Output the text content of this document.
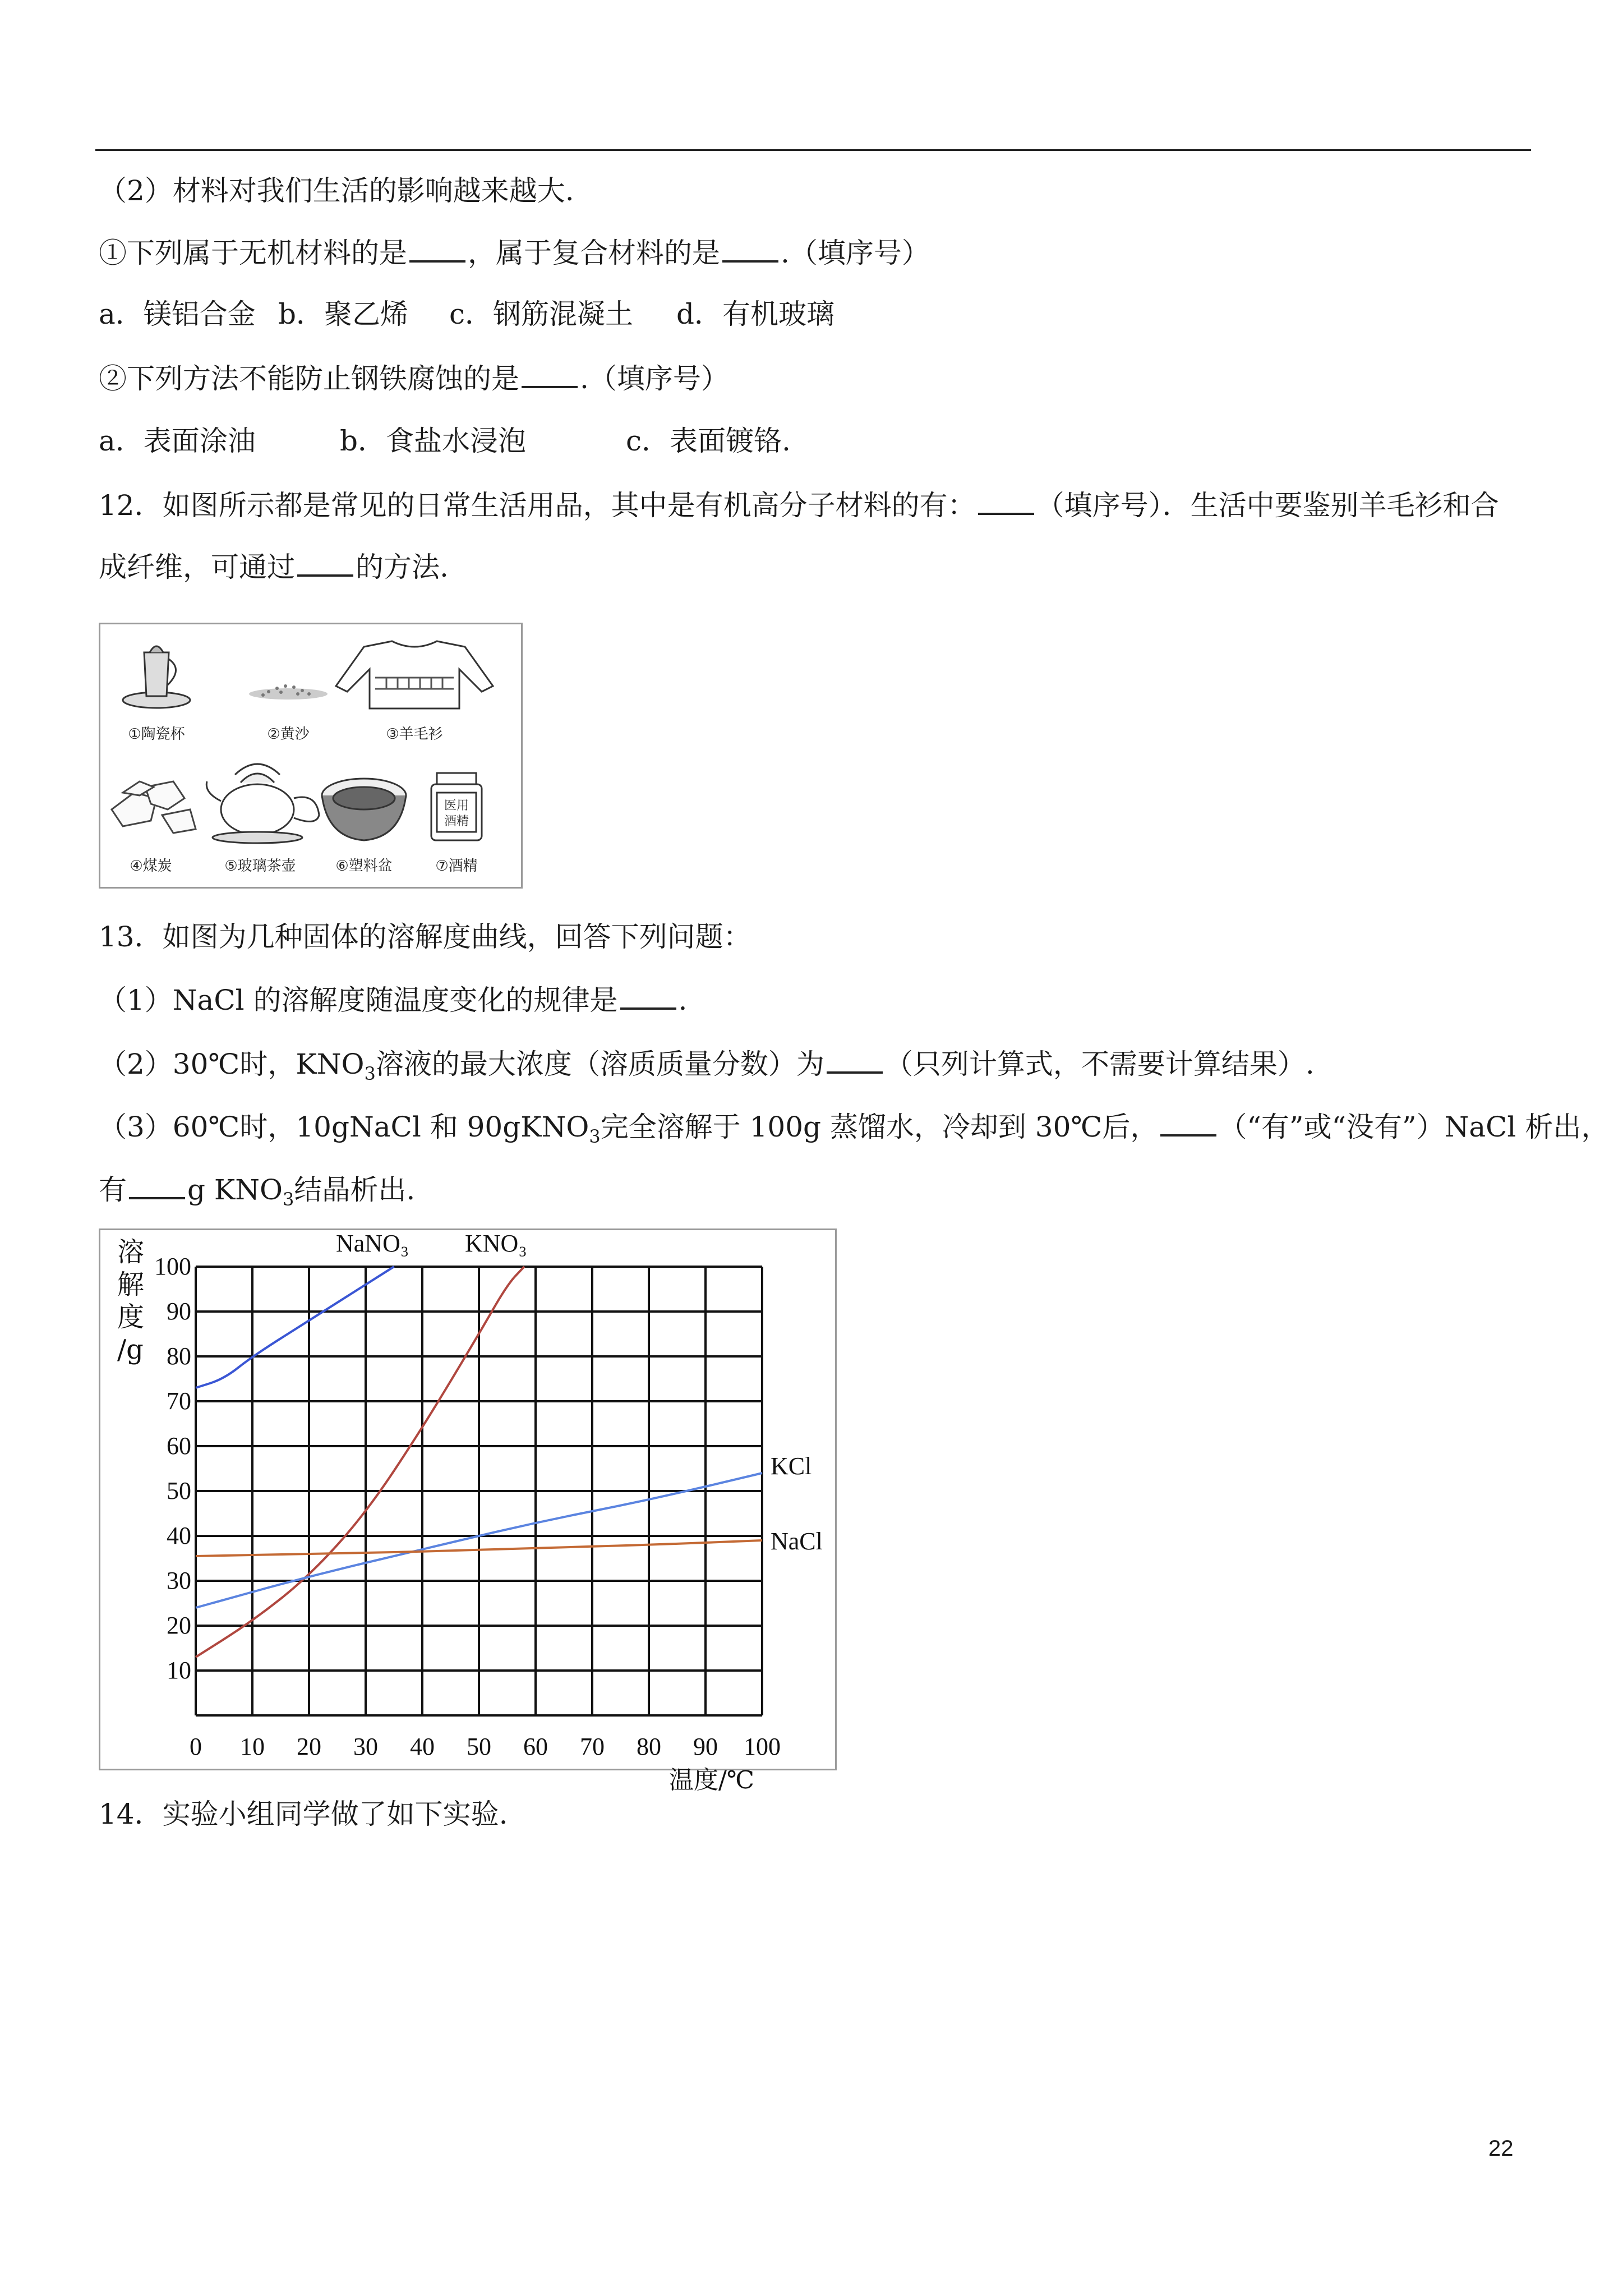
（2）材料对我们生活的影响越来越大.
①下列属于无机材料的是 ，属于复合材料的是 .（填序号）
a．镁铝合金 b．聚乙烯 c．钢筋混凝土 d．有机玻璃
②下列方法不能防止钢铁腐蚀的是 .（填序号）
a．表面涂油	b．食盐水浸泡	c．表面镀铬.
12．如图所示都是常见的日常生活用品，其中是有机高分子材料的有： （填序号）．生活中要鉴别羊毛衫和合
成纤维，可通过 的方法.
医用
酒精
①陶瓷杯	②黄沙	③羊毛衫
④煤炭	⑤玻璃茶壶	⑥塑料盆	⑦酒精
13．如图为几种固体的溶解度曲线，回答下列问题：
（1）NaCl 的溶解度随温度变化的规律是 .
（2）30℃时，$KNO_3$溶液的最大浓度（溶质质量分数）为 （只列计算式，不需要计算结果）.
（3）60℃时，10gNaCl 和 90gKNO$_3$完全溶解于 100g 蒸馏水，冷却到 30℃后， （“有”或“没有”）NaCl 析出，
有 g $KNO_3$结晶析出.
0 10 20 30 40 50 60 70 80 90 100
10
20
30
40
50
60
70
80
90
100
溶
解
度
/g
温度/℃
NaNO₃ KNO₃
KCl
NaCl
14．实验小组同学做了如下实验.
22
